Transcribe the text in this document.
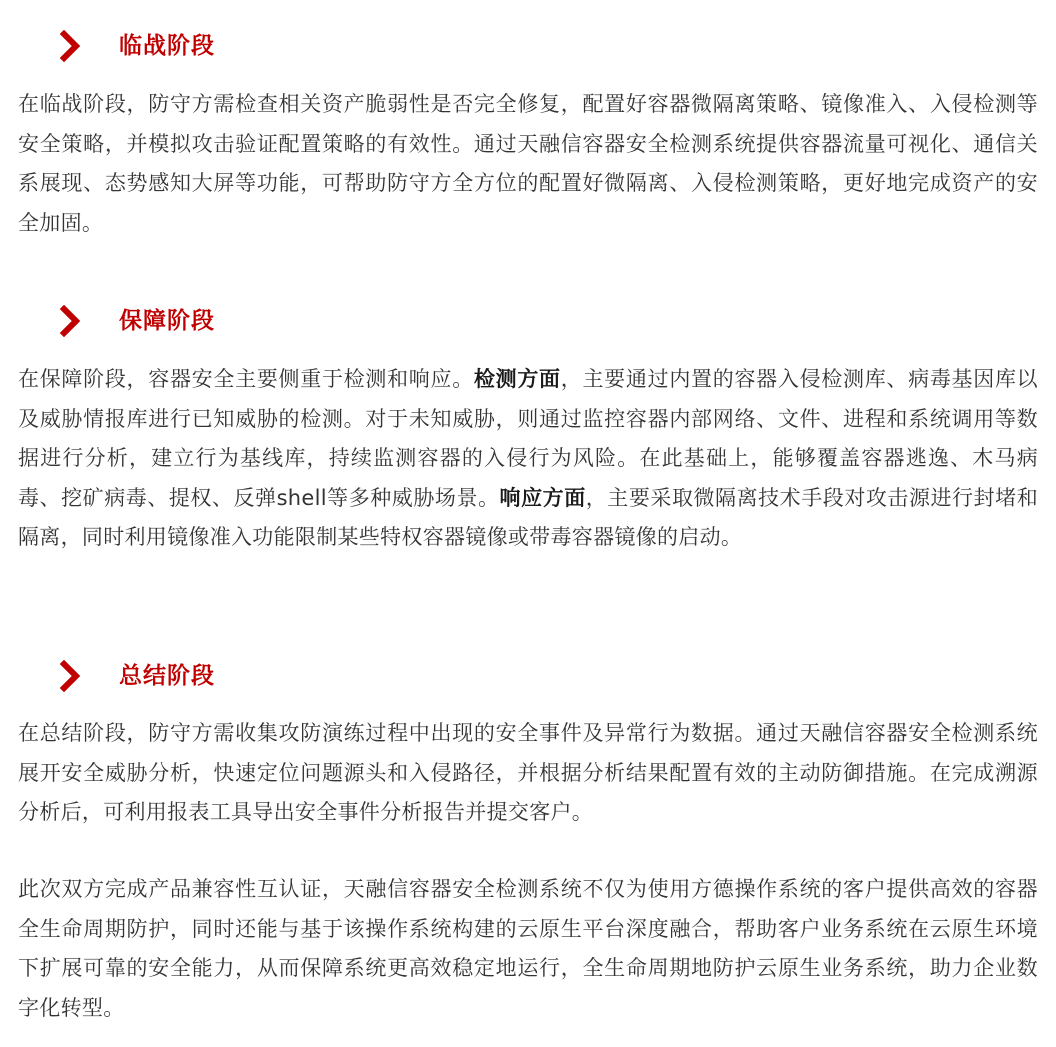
临战阶段

在临战阶段，防守方需检查相关资产脆弱性是否完全修复，配置好容器微隔离策略、镜像准入、入侵检测等安全策略，并模拟攻击验证配置策略的有效性。通过天融信容器安全检测系统提供容器流量可视化、通信关系展现、态势感知大屏等功能，可帮助防守方全方位的配置好微隔离、入侵检测策略，更好地完成资产的安全加固。

保障阶段

在保障阶段，容器安全主要侧重于检测和响应。检测方面，主要通过内置的容器入侵检测库、病毒基因库以及威胁情报库进行已知威胁的检测。对于未知威胁，则通过监控容器内部网络、文件、进程和系统调用等数据进行分析，建立行为基线库，持续监测容器的入侵行为风险。在此基础上，能够覆盖容器逃逸、木马病毒、挖矿病毒、提权、反弹shell等多种威胁场景。响应方面，主要采取微隔离技术手段对攻击源进行封堵和隔离，同时利用镜像准入功能限制某些特权容器镜像或带毒容器镜像的启动。

总结阶段

在总结阶段，防守方需收集攻防演练过程中出现的安全事件及异常行为数据。通过天融信容器安全检测系统展开安全威胁分析，快速定位问题源头和入侵路径，并根据分析结果配置有效的主动防御措施。在完成溯源分析后，可利用报表工具导出安全事件分析报告并提交客户。

此次双方完成产品兼容性互认证，天融信容器安全检测系统不仅为使用方德操作系统的客户提供高效的容器全生命周期防护，同时还能与基于该操作系统构建的云原生平台深度融合，帮助客户业务系统在云原生环境下扩展可靠的安全能力，从而保障系统更高效稳定地运行，全生命周期地防护云原生业务系统，助力企业数字化转型。
